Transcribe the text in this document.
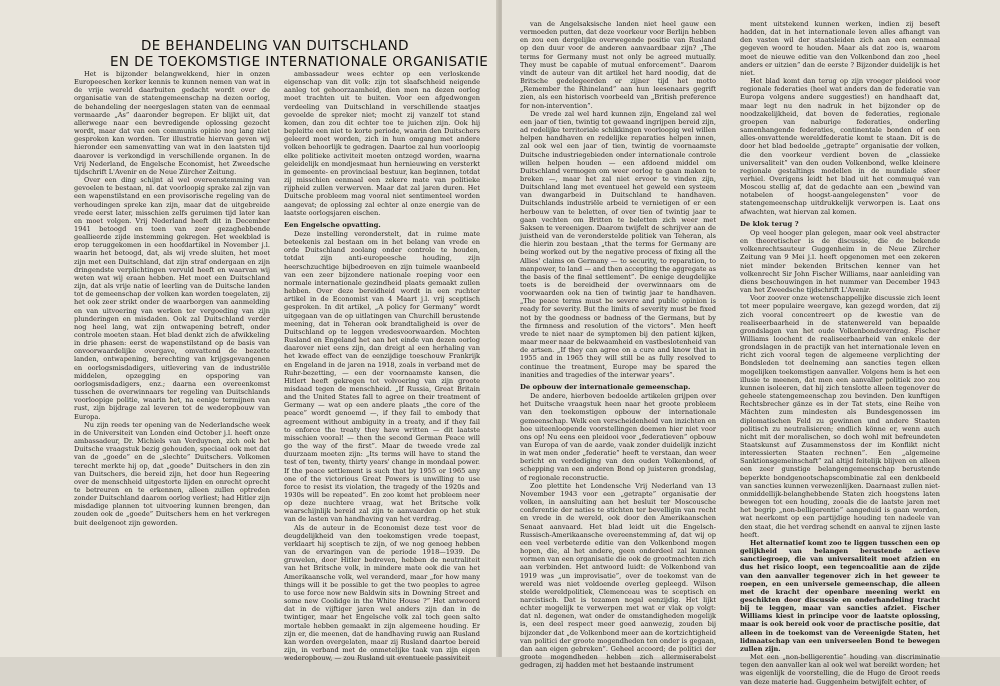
DE BEHANDELING VAN DUITSCHLAND
EN DE TOEKOMSTIGE INTERNATIONALE ORGANISATIE

Het is bijzonder belangwekkend, hier in onzen Europeeschen kerker kennis te kunnen nemen van wat in de vrije wereld daarbuiten gedacht wordt over de organisatie van de statengemeenschap na dezen oorlog, de behandeling der neergeslagen staten van de eenmaal vermaarde „As” daaronder begrepen. Er blijkt uit, dat allerwege naar een bevredigende oplossing gezocht wordt, maar dat van een communis opinio nog lang niet gesproken kan worden. Ter illustratie hiervan geven wij hieronder een samenvatting van wat in den laatsten tijd daarover is verkondigd in verschillende organen. In de Vrij Nederland, de Engelsche Economist, het Zweedsche tijdschrift L'Avenir en de Neue Zürcher Zeitung.

Over een ding schijnt al wel overeenstemming van gevoelen te bestaan, nl. dat voorloopig sprake zal zijn van een wapenstilstand en een provisorische regeling van de verhoudingen spreke kan zijn, maar dat de uitgebreide vrede eerst later, misschien zelfs geruimen tijd later kan en moet volgen. Vrij Nederland heeft dit in December 1941 betoogd en toen van zeer gezaghebbende geallieerde zijde instemming gekregen. Het weekblad is erop teruggekomen in een hoofdartikel in November j.l. waarin het betoogd, dat, als wij vrede sluiten, het moet zijn met een Duitschland, dat zijn straf ondergaan en zijn dringendste verplichtingen vervuld heeft en waarvan wij weten wat wij eraan hebben. Het moet een Duitschland zijn, dat als vrije natie of leerling van de Duitsche landen tot de gemeenschap der volken kan worden toegelaten, zij het ook zeer strikt onder de waarborgen van aanmelding en van uitvoering van werken ter vergoeding van zijn plunderingen en misdaden. Ook zal Duitschland verder nog heel lang, wat zijn ontwapening betreft, onder controle moeten staan. Het blad denkt zich de afwikkeling in drie phasen: eerst de wapenstilstand op de basis van onvoorwaardelijke overgave, omvattend de bezette landen, ontwapening, berechting van krijgsgevangenen en oorlogsmisdadigers, uitlevering van de industriële middelen, opzegging en opsporing van oorlogsmisdadigers, enz.; daarna een overeenkomst tusschen de overwinnaars ter regeling van Duitschlands voorloopige politie, waarin het, na eenige termijnen van rust, zijn bijdrage zal leveren tot de wederopbouw van Europa.

Nu zijn reeds ter opening van de Nederlandsche week in de Universiteit van Londen eind October j.l. heeft onze ambassadeur, Dr. Michiels van Verduynen, zich ook het Duitsche vraagstuk bezig gehouden, speciaal ook met dat van de „goede” en de „slechte” Duitschers. Volkomen terecht merkte hij op, dat „goede” Duitschers in den zin van Duitschers, die bereid zijn, het door hun Regeering over de menschheid uitgestorte lijden en onrecht oprecht te betreuren en te erkennen, alleen zullen optreden zonder Duitschland daarom oorlog verliest; had Hitler zijn misdadige plannen tot uitvoering kunnen brengen, dan zouden ook de „goede” Duitschers hem en het verkregen buit deelgenoot zijn geworden.

ambassadeur wees echter op een verloskende eigenschap van dit volk: zijn tot slaafschheid neigende aanleg tot gehoorzaamheid, dien men na dezen oorlog moet trachten uit te buiten. Voor een afgedwongen verdeeling van Duitschland in verschillende staatjes gevoelde de spreker niet; mocht zij vanzelf tot stand komen, dan zou dit echter toe te juichen zijn. Ook hij bepleitte een niet te korte periode, waarin den Duitschers geleerd moet worden, zich in hun omgang met andere volken behoorlijk te gedragen. Daartoe zal hun voorloopig elke politieke activiteit moeten ontzegd worden, waarna geleidelijk en mondjesmaat hun hernieuwing en versterkt in gemeente- en provinciaal bestuur, kan beginnen, totdat zij misschien eenmaal een zekere mate van politieke rijpheid zullen verwerven. Maar dat zal jaren duren. Het Duitsche probleem mag vooral niet sentimenteel worden aangevat; de oplossing zal echter al onze energie van de laatste oorlogsjaren eischen.

Een Engelsche opvatting.

Deze instelling veronderstelt, dat in ruime mate beteekenis zal bestaan om in het belang van vrede en orde Duitschland zoolang onder controle te houden, totdat zijn anti-europeesche houding, zijn heerschzuchtige bijbedroeven en zijn tuimele waanbeeld van een zeer bijzondere nationale roeping voor een normale internationale gezindheid plaats gemaakt zullen hebben. Over deze bereidheid wordt in een ruchter artikel in de Economist van 4 Maart j.l. vrij sceptisch gesproken. In dit artikel, „A policy for Germany” wordt uitgegaan van de op uitlatingen van Churchill berustende meening, dat in Teheran ook brandtaligheid is over de Duitschland op te leggen vredesvoorwaarden. Mochten Rusland en Engeland het aan het einde van dezen oorlog daarover niet eens zijn, dan dreigt al een herhaling van het kwade effect van de eenzijdige toeschouw Frankrijk en Engeland in de jaren na 1918, zoals in verband met de Ruhr-bezetting, — een der voornaamste kansen, die Hitlert heeft gekregen tot volvoering van zijn groote misdaad tegen de menschheid. „If Russia, Great Britain and the United States fall to agree on their treatment of Germany — wat op een andere plaats „the core of the peace” wordt genoemd —, if they fail to embody that agreement without ambiguity in a treaty, and if they fail to enforce the treaty they have written — dit laatste misschien vooral! — then the second German Peace will go the way of the first”. Maar de tweede vrede zal duurzaam moeten zijn: „Its terms will have to stand the test of ten, twenty, thirty years' change in mondaal power. If the peace settlement is such that by 1955 or 1965 any one of the victorious Great Powers is unwilling to use force to resist its violation, the tragedy of the 1920s and 1930s will be repeated”. En zoo komt het probleem neer op deze nuchtere vraag, wat het Britsche volk waarschijnlijk bereid zal zijn te aanvaarden op het stuk van de lasten van handhaving van het verdrag.

Als de auteur in de Economist deze test voor de deugdelijkheid van den toekomstigen vrede toepast, verklaart hij sceptisch te zijn, of we nog genoeg hebben van de ervaringen van de periode 1918—1939. De gruwelen, door Hitler bedreven, hebben de neutraliteit van het Britsche volk, in mindere mate ook die van het Amerikaansche volk, wel veranderd, maar „for how many things will it be possible to get the two peoples to agree to use force now new Baldwin sits in Downing Street and some new Coolidge in the White House ?” Het antwoord dat in de vijftiger jaren wel anders zijn dan in de twintiger, maar het Engelsche volk zal toch geen salto mortale hebben gemaakt in zijn algemeene houding. Er zijn er, die meenen, dat de handhaving ruwig aan Rusland kan worden overgelaten, maar zij Rusland daartoe bereid zijn, in verband met de onmetelijke taak van zijn eigen wederopbouw, — zou Rusland uit eventueele passiviteit

van de Angelsaksische landen niet heel gauw een vermoeden putten, dat deze voorkeur voor Berlijn hebben en zou een dergelijke overwegende positie van Rusland op den duur voor de anderen aanvaardbaar zijn? „The terms for Germany must not only be agreed mutually. They must be capable of mutual enforcement”. Daarom vindt de auteur van dit artikel het hard noodig, dat de Britsche gedelegeerden er zijner tijd het motto „Remember the Rhineland” aan hun leesenaars gegrift zien, als een historisch voorbeeld van „British preference for non-intervention”.

De vrede zal wel hard kunnen zijn, Engeland zal wel een jaar of tien, twintig tot gewaand ingrijpen bereid zijn, ad redelijke territoriale schikkingen voorloopig wel willen helpen handhaven en redelijke reparaties helpen innen, zal ook wel een jaar of tien, twintig de voornaamste Duitsche industriegebieden onder internationale controle willen helpen houden — een afdoend middel om Duitschland vermogen om weer oorlog te gaan maken te breken —, maar het zal niet ervoor te vinden zijn, Duitschland lang met eventueel het geweld een systeem van dwangarbeid in Duitschland te handhaven. Duitschlands industriële arbeid te vernietigen of er een herbouw van te beletten, of over tien of twintig jaar te gaan vechten om Britten te beletten zich weer met Saksen te vereenigen. Daarom twijfelt de schrijver aan de juistheid van de veronderstelde politiek van Teheran, als die hierin zou bestaan „that the terms for Germany are being worked out by the negative process of fixing all the Allies' claims on Germany — to security, to reparation, to manpower, to land — and then accepting the aggregate as the basis of the final settlement”. De eenige deugdelijke toets is de bereidheid der overwinnaars om de voorwaarden ook na tien of twintig jaar te handhaven. „The peace terms must be severe and public opinion is ready for severity. But the limits of severity must be fixed not by the goodness or badness of the Germans, but by the firmness and resolution of the victors”. Men heeft vrede te niet naar de symptomen bij den patient kijken, maar meer naar de bekwaamheid en vastbeslotenheid van de artsen. „If they can agree on a cure and know that in 1955 and in 1965 they will still be as fully resolved to continue the treatment, Europe may be spared the inanities and tragedies of the interwar years”.

De opbouw der internationale gemeenschap.

De andere, hierboven bedoelde artikelen grijpen over het Duitsche vraagstuk heen naar het groote probleem van den toekomstigen opbouw der internationale gemeenschap. Welk een verscheidenheid van inzichten en hoe uiteenloopende voorstellingen doemen hier niet voor ons op! Nu eens een pleidooi voor „federatieven” opbouw van Europa of van de aarde, vaak zonder duidelijk inzicht in wat men onder „federatie” heeft te verstaan, dan weer bericht en verdediging van den ouden Volkenbond, of schepping van een anderen Bond op juisteren grondslag, of regionale reconstructie.

Zoo plettite het Londensche Vrij Nederland van 13 November 1943 voor een „getrapte” organisatie der volken, in aansluiting aan het besluit ter Moscousche conferentie der naties te stichten ter bevelligin van recht en vrede in de wereld, ook door den Amerikaanschen Senaat aanvaard. Het blad leidt uit die Engelsch-Russisch-Amerikaansche overeenstemming af, dat wij op een veel verbeterde editie van den Volkenbond mogen hopen, die, al het andere, geen onderdeel zal kunnen vormen van een organisatie die ook de grootmachten zich aan verbinden. Het antwoord luidt: de Volkenbond van 1919 was „un improvisatie”, over de toekomst van de wereld was niet voldoende overleg gepleegd. Wilson stelde wereldpolitiek, Clemenceau was te sceptisch en narcistisch. Dat is tezamen nogal eenzijdig. Het lijkt echter mogelijk te verwerpen met wat er vlak op volgt: dat nl. degenen, wat onder de omstandigheden mogelijk is, een deel respect meer goed aanwezig, zouden bij bijzonder dat „de Volkenbond meer aan de kortzichtigheid van politici der groote mogendheden ten onder is gegaan, dan aan eigen gebreken”. Geheel accoord; de politici der groote mogendheden hebben zich allermiserabelst gedragen, zij hadden met het bestaande instrument

ment uitstekend kunnen werken, indien zij beseft hadden, dat in het internationale leven alles afhangt van den vasten wil der staatsleiden zich aan een eenmaal gegeven woord te houden. Maar als dat zoo is, waarom moet de nieuwe editie van den Volkenbond dan zoo „heel anders er uitzien” dan de eerste ? Bijzonder duidelijk is het niet.

Het blad komt dan terug op zijn vroeger pleidooi voor regionale federaties (heel wat anders dan de federatie van Europa volgens andere suggesties!) en handhaaft dat, maar legt nu den nadruk in het bijzonder op de noodzakelijkheid, dat boven de federaties, regionale groepen van naburige federaties, onderling samenhangende federaties, continentale bonden of een alles-omvattende wereldfederatie komt te staan. Dit is de door het blad bedoelde „getrapte” organisatie der volken, die den voorkeur verdient boven de „classieke universaliteit” van den ouden Volkenbond, welke kleinere regionale gestaltings modellen in de mundiale sfeer verhiel. Overigens leidt het blad uit het commuqué van Moscou stellig af, dat de gedachte aan een „bewind van notabelen of hoogst-aangelegensten” voor de statengemeenschap uitdrukkelijk verworpen is. Laat ons afwachten, wat hiervan zal komen.

De klok terug ?

Op veel hooger plan gelegen, maar ook veel abstracter en theoretischer is de discussie, die de bekende volkenrechtsauteur Guggenheim in de Neue Zürcher Zeitung van 9 Mei j.l. heeft opgenomen met een zekeren niet minder bekenden Britschen kenner van het volkenrecht Sir John Fischer Williams, naar aanleiding van diens beschouwingen in het nummer van December 1943 van het Zweedsche tijdschrift L'Avenir.

Voor zoover onze wetenschappelijke discussie zich leent tot meer populaire weergave, kan gezegd worden, dat zij zich vooral concentreert op de kwestie van de realiseerbaarheid in de statenwereld van bepaalde grondslagen van het oude Volkenbondsverdrag. Fischer Williams loochent de realiseerbaarheid van enkele der grondslagen in de practijk van het internationale leven en richt zich vooral tegen de algemeene verplichting der Bondsleden tot deelneming aan sancties tegen elken mogelijken toekomstigen aanvaller. Volgens hem is het een illusie te meenen, dat men een aanvaller politiek zoo zou kunnen isoleeren, dat hij zich tenslotte alleen tegenover de geheele statengemeenschap zou bevinden. Den kunftigen Rechtsbrecher gänze es in der Tat stets, eine Reihe von Mächten zum mindesten als Bundesgenossen im diplomatischen Feld zu gewinnen und andere Staaten politisch zu neutralisieren; endlich könne er, wenn auch nicht mit der moralischen, so doch wohl mit befreundeten Staatskunst auf Zusammenstoss der im Konflikt nicht interessierten Staaten rechnen”. Een „algemeine Sanktionsgemeinschaft” zal altijd feitelijk blijven en alleen een zeer gunstige belangengemeenschap berustende beperkte bondgenootschapscombinatie zal een denkbeeld van sancties kunnen verwezenlijken. Daarnaast zullen niet-onmiddellijk-belanghebbende Staten zich hoogstens laten bewegen tot een houding, zooals die de laatste jaren met het begrip „non-belligerentie” aangeduid is gaan worden, wat neerkomt op een partijdige houding ten nadeele van den staat, die het verdrag schendt en aanval te zijnen laste heeft.

Het alternatief komt zoo te liggen tusschen een op gelijkheid van belangen berustende actieve sanctiegroep, die van universaliteit moet afzien en dus het risico loopt, een tegencoalitie aan de zijde van den aanvaller tegenover zich in het geweer te roepen, en een universele gemeenschap, die alleen met de kracht der openbare meening werkt en geschikten door discussie en onderhandeling tracht bij te leggen, maar van sancties afziet. Fischer Williams kiest in principe voor de laatste oplossing, maar is ook bereid ook voor de practische positie, dat alleen in de toekomst van de Vereenigde Staten, het lidmaatschap van een universeelen Bond te bewegen zullen zijn.

Met een „non-belligerentie” houding van discriminatie tegen den aanvaller kan al ook wel wat bereikt worden; het was eigenlijk de voorstelling, die de Hugo de Groot reeds van deze materie had. Guggenheim betwijfelt echter, of
